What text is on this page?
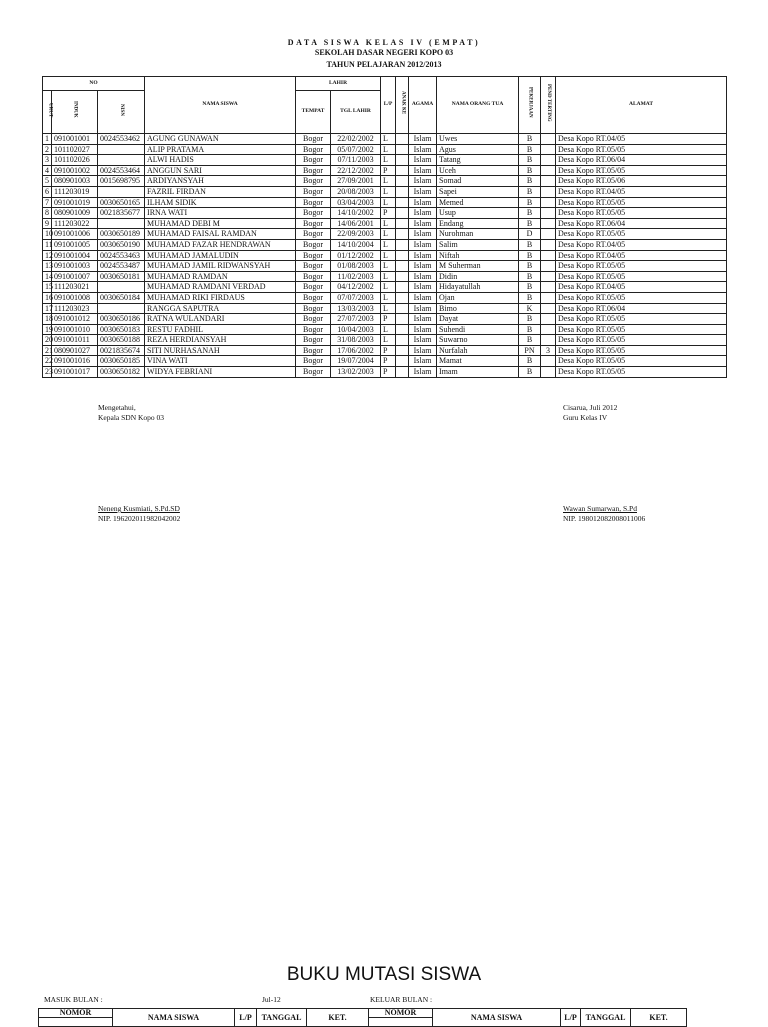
DATA SISWA KELAS IV (EMPAT)
SEKOLAH DASAR NEGERI KOPO 03
TAHUN PELAJARAN 2012/2013
NO			NAMA SISWA	LAHIR		L/P	ANAK KE	AGAMA	NAMA ORANG TUA	PEKERJAAN	PEND TERTING	ALAMAT
URUT	INDUK	NISN		TEMPAT	TGL LAHIR							
1	091001001	0024553462	AGUNG GUNAWAN	Bogor	22/02/2002	L		Islam	Uwes	B		Desa Kopo RT.04/05
2	101102027		ALIP PRATAMA	Bogor	05/07/2002	L		Islam	Agus	B		Desa Kopo RT.05/05
3	101102026		ALWI HADIS	Bogor	07/11/2003	L		Islam	Tatang	B		Desa Kopo RT.06/04
4	091001002	0024553464	ANGGUN SARI	Bogor	22/12/2002	P		Islam	Uceh	B		Desa Kopo RT.05/05
5	080901003	0015698795	ARDIYANSYAH	Bogor	27/09/2001	L		Islam	Somad	B		Desa Kopo RT.05/06
6	111203019		FAZRIL FIRDAN	Bogor	20/08/2003	L		Islam	Sapei	B		Desa Kopo RT.04/05
7	091001019	0030650165	ILHAM SIDIK	Bogor	03/04/2003	L		Islam	Memed	B		Desa Kopo RT.05/05
8	080901009	0021835677	IRNA WATI	Bogor	14/10/2002	P		Islam	Usup	B		Desa Kopo RT.05/05
9	111203022		MUHAMAD DEBI M	Bogor	14/06/2001	L		Islam	Endang	B		Desa Kopo RT.06/04
10	091001006	0030650189	MUHAMAD FAISAL RAMDAN	Bogor	22/09/2003	L		Islam	Nurohman	D		Desa Kopo RT.05/05
11	091001005	0030650190	MUHAMAD FAZAR HENDRAWAN	Bogor	14/10/2004	L		Islam	Salim	B		Desa Kopo RT.04/05
12	091001004	0024553463	MUHAMAD JAMALUDIN	Bogor	01/12/2002	L		Islam	Niftah	B		Desa Kopo RT.04/05
13	091001003	0024553487	MUHAMAD JAMIL RIDWANSYAH	Bogor	01/08/2003	L		Islam	M Suherman	B		Desa Kopo RT.05/05
14	091001007	0030650181	MUHAMAD RAMDAN	Bogor	11/02/2003	L		Islam	Didin	B		Desa Kopo RT.05/05
15	111203021		MUHAMAD RAMDANI VERDAD	Bogor	04/12/2002	L		Islam	Hidayatullah	B		Desa Kopo RT.04/05
16	091001008	0030650184	MUHAMAD RIKI FIRDAUS	Bogor	07/07/2003	L		Islam	Ojan	B		Desa Kopo RT.05/05
17	111203023		RANGGA SAPUTRA	Bogor	13/03/2003	L		Islam	Bimo	K		Desa Kopo RT.06/04
18	091001012	0030650186	RATNA WULANDARI	Bogor	27/07/2003	P		Islam	Dayat	B		Desa Kopo RT.05/05
19	091001010	0030650183	RESTU FADHIL	Bogor	10/04/2003	L		Islam	Suhendi	B		Desa Kopo RT.05/05
20	091001011	0030650188	REZA HERDIANSYAH	Bogor	31/08/2003	L		Islam	Suwarno	B		Desa Kopo RT.05/05
21	080901027	0021835674	SITI NURHASANAH	Bogor	17/06/2002	P		Islam	Nurfalah	PN	3	Desa Kopo RT.05/05
22	091001016	0030650185	VINA WATI	Bogor	19/07/2004	P		Islam	Mamat	B		Desa Kopo RT.05/05
23	091001017	0030650182	WIDYA FEBRIANI	Bogor	13/02/2003	P		Islam	Imam	B		Desa Kopo RT.05/05
Mengetahui,
Kepala SDN Kopo 03
Neneng Kusmiati, S.Pd.SD
NIP. 196202011982042002
Cisarua, Juli 2012
Guru Kelas IV
Wawan Sumarwan, S.Pd
NIP. 198012082008011006
BUKU MUTASI SISWA
MASUK BULAN :	Jul-12	KELUAR BULAN :
NOMOR	NAMA SISWA	L/P	TANGGAL	KET.	NOMOR	NAMA SISWA	L/P	TANGGAL	KET.
